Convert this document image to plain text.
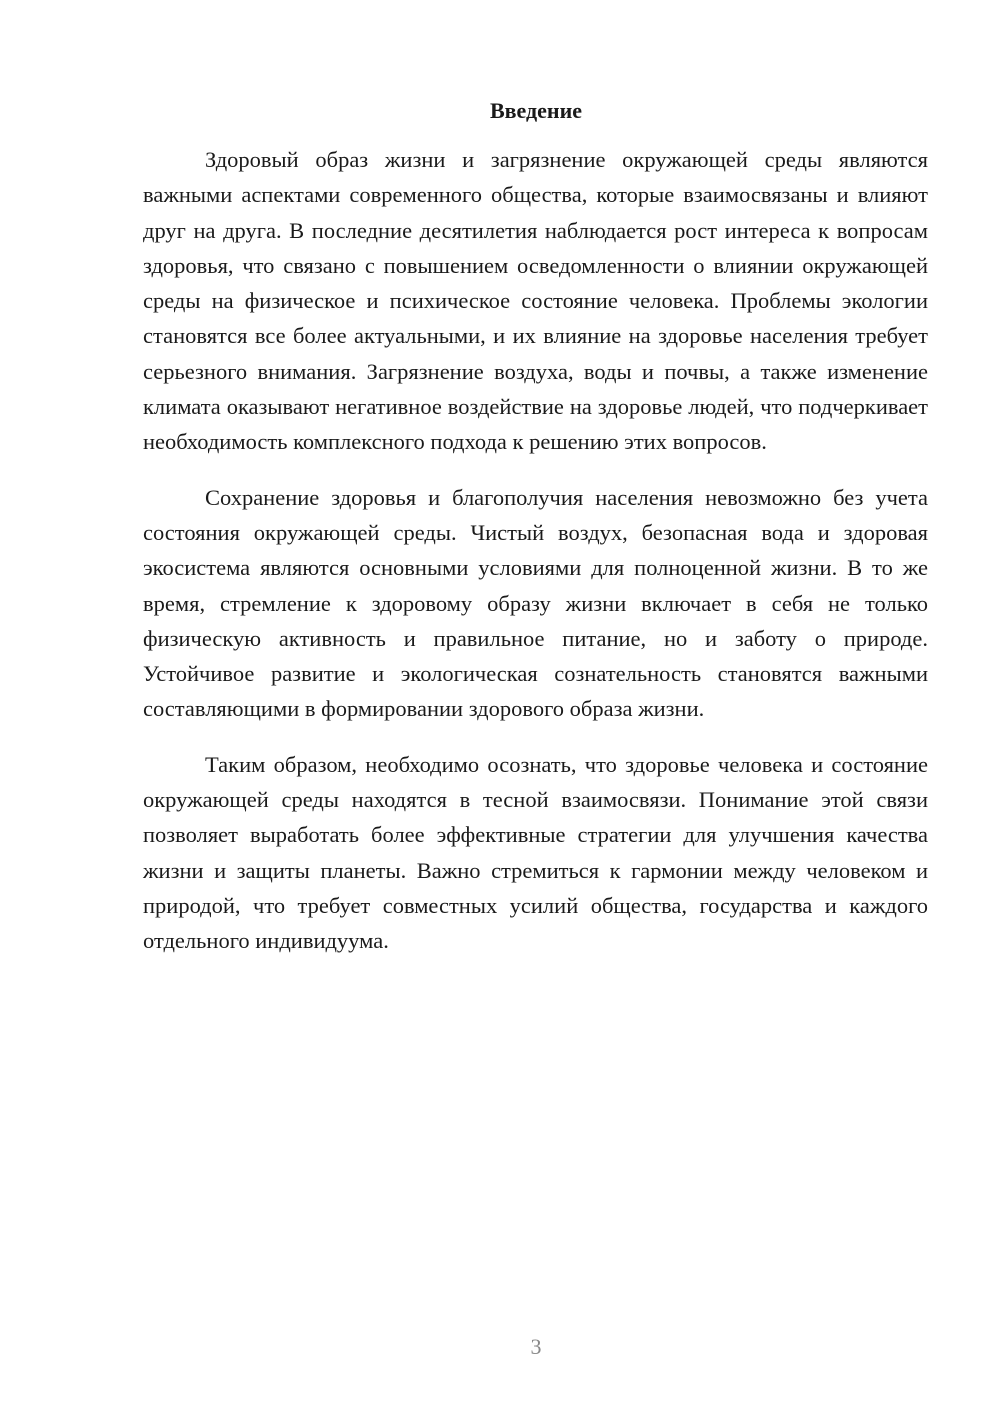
Введение

Здоровый образ жизни и загрязнение окружающей среды являются важными аспектами современного общества, которые взаимосвязаны и влияют друг на друга. В последние десятилетия наблюдается рост интереса к вопросам здоровья, что связано с повышением осведомленности о влиянии окружающей среды на физическое и психическое состояние человека. Проблемы экологии становятся все более актуальными, и их влияние на здоровье населения требует серьезного внимания. Загрязнение воздуха, воды и почвы, а также изменение климата оказывают негативное воздействие на здоровье людей, что подчеркивает необходимость комплексного подхода к решению этих вопросов.

Сохранение здоровья и благополучия населения невозможно без учета состояния окружающей среды. Чистый воздух, безопасная вода и здоровая экосистема являются основными условиями для полноценной жизни. В то же время, стремление к здоровому образу жизни включает в себя не только физическую активность и правильное питание, но и заботу о природе. Устойчивое развитие и экологическая сознательность становятся важными составляющими в формировании здорового образа жизни.

Таким образом, необходимо осознать, что здоровье человека и состояние окружающей среды находятся в тесной взаимосвязи. Понимание этой связи позволяет выработать более эффективные стратегии для улучшения качества жизни и защиты планеты. Важно стремиться к гармонии между человеком и природой, что требует совместных усилий общества, государства и каждого отдельного индивидуума.

3
